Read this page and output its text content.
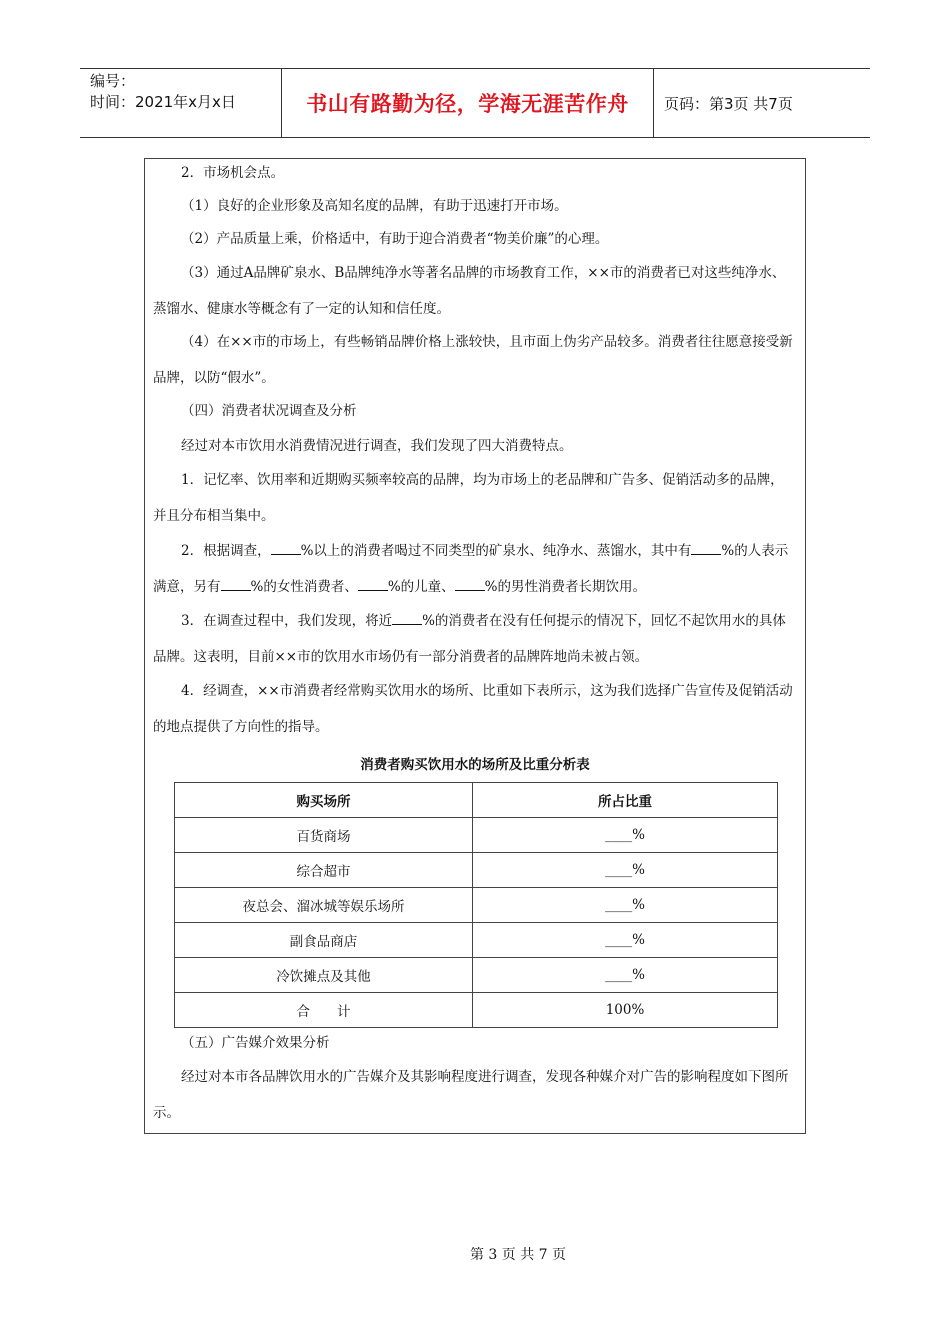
编号：
时间：2021年x月x日	书山有路勤为径，学海无涯苦作舟	页码：第3页 共7页

2．市场机会点。

（1）良好的企业形象及高知名度的品牌，有助于迅速打开市场。

（2）产品质量上乘，价格适中，有助于迎合消费者“物美价廉”的心理。

（3）通过A品牌矿泉水、B品牌纯净水等著名品牌的市场教育工作，××市的消费者已对这些纯净水、蒸馏水、健康水等概念有了一定的认知和信任度。

（4）在××市的市场上，有些畅销品牌价格上涨较快，且市面上伪劣产品较多。消费者往往愿意接受新品牌，以防“假水”。

（四）消费者状况调查及分析

经过对本市饮用水消费情况进行调查，我们发现了四大消费特点。

1．记忆率、饮用率和近期购买频率较高的品牌，均为市场上的老品牌和广告多、促销活动多的品牌，并且分布相当集中。

2．根据调查， %以上的消费者喝过不同类型的矿泉水、纯净水、蒸馏水，其中有 %的人表示满意，另有 %的女性消费者、 %的儿童、 %的男性消费者长期饮用。

3．在调查过程中，我们发现，将近 %的消费者在没有任何提示的情况下，回忆不起饮用水的具体品牌。这表明，目前××市的饮用水市场仍有一部分消费者的品牌阵地尚未被占领。

4．经调查，××市消费者经常购买饮用水的场所、比重如下表所示，这为我们选择广告宣传及促销活动的地点提供了方向性的指导。

消费者购买饮用水的场所及比重分析表
购买场所	所占比重
百货商场	____%
综合超市	____%
夜总会、溜冰城等娱乐场所	____%
副食品商店	____%
冷饮摊点及其他	____%
合　　计	100%

（五）广告媒介效果分析

经过对本市各品牌饮用水的广告媒介及其影响程度进行调查，发现各种媒介对广告的影响程度如下图所示。

第 3 页 共 7 页
